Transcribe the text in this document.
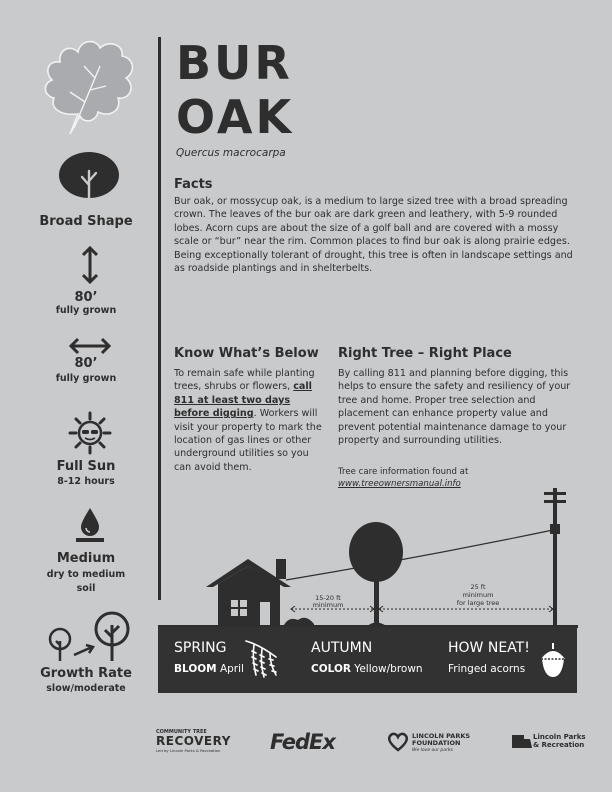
Broad Shape
80’
fully grown
80’
fully grown
Full Sun
8-12 hours
Medium
dry to medium
soil
Growth Rate
slow/moderate
BUR
OAK
Quercus macrocarpa
Facts
Bur oak, or mossycup oak, is a medium to large sized tree with a broad spreading crown. The leaves of the bur oak are dark green and leathery, with 5-9 rounded lobes. Acorn cups are about the size of a golf ball and are covered with a mossy scale or “bur” near the rim. Common places to find bur oak is along prairie edges. Being exceptionally tolerant of drought, this tree is often in landscape settings and as roadside plantings and in shelterbelts.
Know What’s Below
To remain safe while planting trees, shrubs or flowers, call 811 at least two days before digging. Workers will visit your property to mark the location of gas lines or other underground utilities so you can avoid them.
Right Tree – Right Place
By calling 811 and planning before digging, this helps to ensure the safety and resiliency of your tree and home. Proper tree selection and placement can enhance property value and prevent potential maintenance damage to your property and surrounding utilities.
Tree care information found at
www.treeownersmanual.info
15-20 ft
minimum
25 ft
minimum
for large tree
SPRING
BLOOM April
AUTUMN
COLOR Yellow/brown
HOW NEAT!
Fringed acorns
COMMUNITY TREE
RECOVERY
Led by Lincoln Parks & Recreation	FedEx	LINCOLN PARKS
FOUNDATION
We love our parks
Lincoln Parks
& Recreation
